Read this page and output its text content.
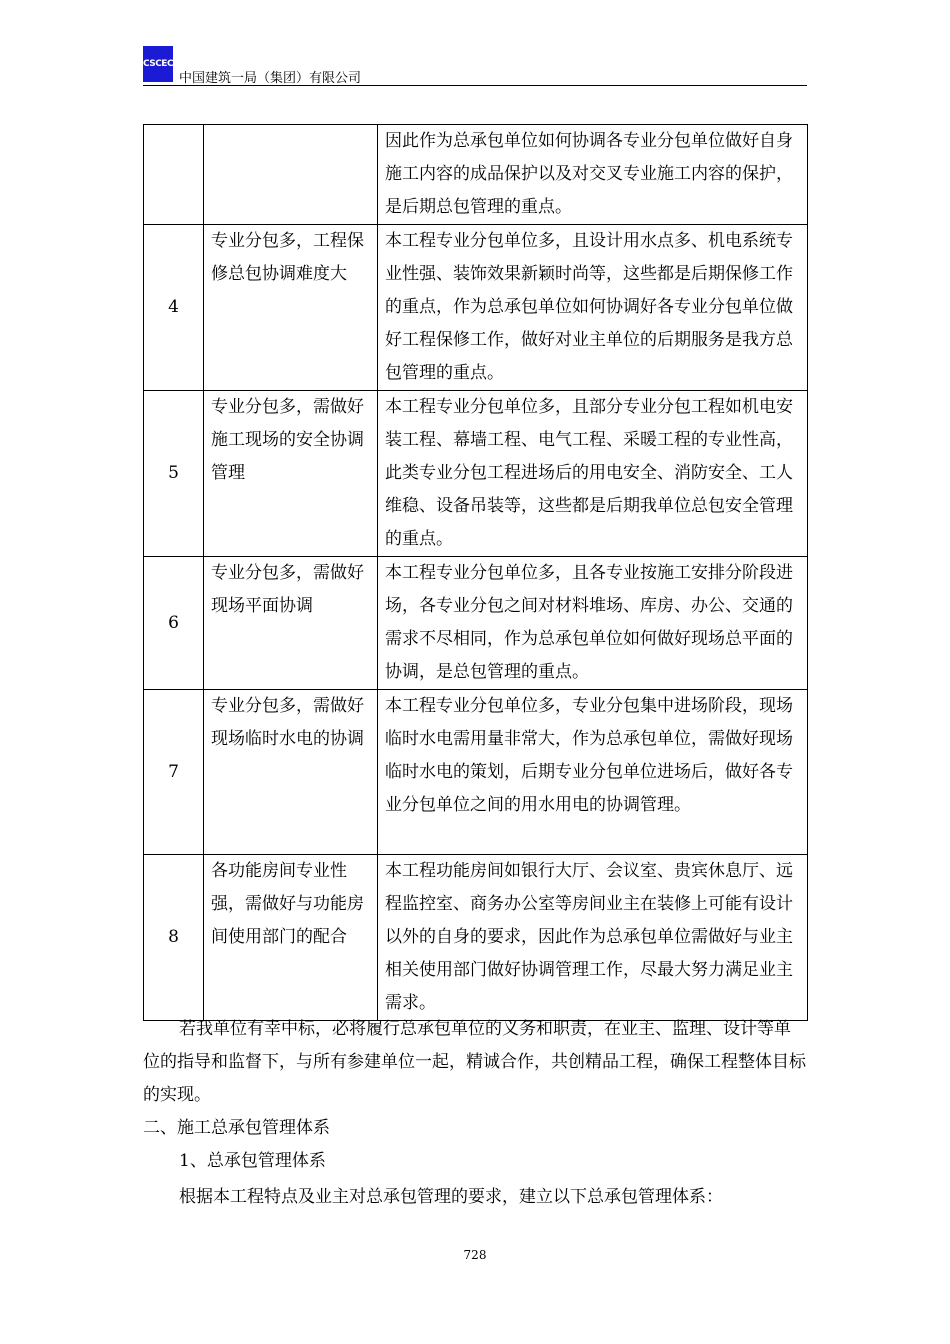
CSCEC
中国建筑一局（集团）有限公司
		因此作为总承包单位如何协调各专业分包单位做好自身施工内容的成品保护以及对交叉专业施工内容的保护，是后期总包管理的重点。
4	专业分包多，工程保修总包协调难度大	本工程专业分包单位多，且设计用水点多、机电系统专业性强、装饰效果新颖时尚等，这些都是后期保修工作的重点，作为总承包单位如何协调好各专业分包单位做好工程保修工作，做好对业主单位的后期服务是我方总包管理的重点。
5	专业分包多，需做好施工现场的安全协调管理	本工程专业分包单位多，且部分专业分包工程如机电安装工程、幕墙工程、电气工程、采暖工程的专业性高，此类专业分包工程进场后的用电安全、消防安全、工人维稳、设备吊装等，这些都是后期我单位总包安全管理的重点。
6	专业分包多，需做好现场平面协调	本工程专业分包单位多，且各专业按施工安排分阶段进场，各专业分包之间对材料堆场、库房、办公、交通的需求不尽相同，作为总承包单位如何做好现场总平面的协调，是总包管理的重点。
7	专业分包多，需做好现场临时水电的协调	本工程专业分包单位多，专业分包集中进场阶段，现场临时水电需用量非常大，作为总承包单位，需做好现场临时水电的策划，后期专业分包单位进场后，做好各专业分包单位之间的用水用电的协调管理。
8	各功能房间专业性强，需做好与功能房间使用部门的配合	本工程功能房间如银行大厅、会议室、贵宾休息厅、远程监控室、商务办公室等房间业主在装修上可能有设计以外的自身的要求，因此作为总承包单位需做好与业主相关使用部门做好协调管理工作，尽最大努力满足业主需求。
若我单位有幸中标，必将履行总承包单位的义务和职责，在业主、监理、设计等单位的指导和监督下，与所有参建单位一起，精诚合作，共创精品工程，确保工程整体目标的实现。
二、施工总承包管理体系
1、总承包管理体系
根据本工程特点及业主对总承包管理的要求，建立以下总承包管理体系：
728
